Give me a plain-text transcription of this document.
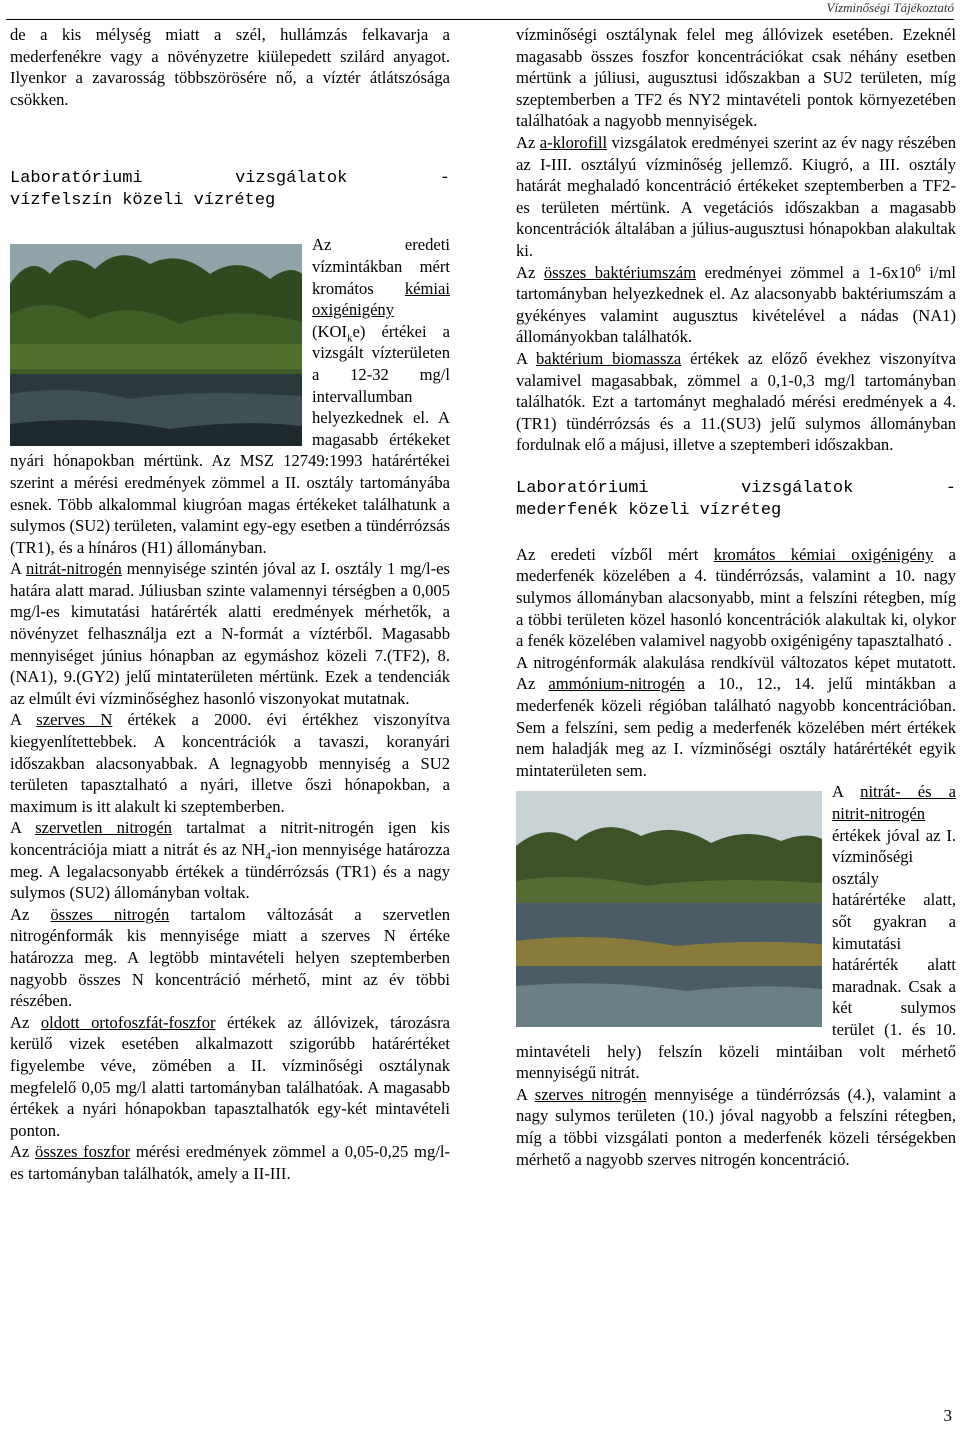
Vízminőségi Tájékoztató

de a kis mélység miatt a szél, hullámzás felkavarja a mederfenékre vagy a növényzetre kiülepedett szilárd anyagot. Ilyenkor a zavarosság többszörösére nő, a víztér átlátszósága csökken.

Laboratóriumi vizsgálatok -

vízfelszín közeli vízréteg

Az eredeti vízmintákban mért kromátos kémiai oxigénigény $(KOI_ke)$ értékei a vizsgált vízterületen a 12-32 mg/l intervallumban helyezkednek el. A magasabb értékeket nyári hónapokban mértünk. Az MSZ 12749:1993 határértékei szerint a mérési eredmények zömmel a II. osztály tartományába esnek. Több alkalommal kiugróan magas értékeket találhatunk a sulymos (SU2) területen, valamint egy-egy esetben a tündérrózsás (TR1), és a hínáros (H1) állományban.

A nitrát-nitrogén mennyisége szintén jóval az I. osztály 1 mg/l-es határa alatt marad. Júliusban szinte valamennyi térségben a 0,005 mg/l-es kimutatási határérték alatti eredmények mérhetők, a növényzet felhasználja ezt a N-formát a víztérből. Magasabb mennyiséget június hónapban az egymáshoz közeli 7.(TF2), 8.(NA1), 9.(GY2) jelű mintaterületen mértünk. Ezek a tendenciák az elmúlt évi vízminőséghez hasonló viszonyokat mutatnak.

A szerves N értékek a 2000. évi értékhez viszonyítva kiegyenlítettebbek. A koncentrációk a tavaszi, koranyári időszakban alacsonyabbak. A legnagyobb mennyiség a SU2 területen tapasztalható a nyári, illetve őszi hónapokban, a maximum is itt alakult ki szeptemberben.

A szervetlen nitrogén tartalmat a nitrit-nitrogén igen kis koncentrációja miatt a nitrát és az $NH_4$-ion mennyisége határozza meg. A legalacsonyabb értékek a tündérrózsás (TR1) és a nagy sulymos (SU2) állományban voltak.

Az összes nitrogén tartalom változását a szervetlen nitrogénformák kis mennyisége miatt a szerves N értéke határozza meg. A legtöbb mintavételi helyen szeptemberben nagyobb összes N koncentráció mérhető, mint az év többi részében.

Az oldott ortofoszfát-foszfor értékek az állóvizek, tározásra kerülő vizek esetében alkalmazott szigorúbb határértéket figyelembe véve, zömében a II. vízminőségi osztálynak megfelelő 0,05 mg/l alatti tartományban találhatóak. A magasabb értékek a nyári hónapokban tapasztalhatók egy-két mintavételi ponton.

Az összes foszfor mérési eredmények zömmel a 0,05-0,25 mg/l-es tartományban találhatók, amely a II-III.

vízminőségi osztálynak felel meg állóvizek esetében. Ezeknél magasabb összes foszfor koncentrációkat csak néhány esetben mértünk a júliusi, augusztusi időszakban a SU2 területen, míg szeptemberben a TF2 és NY2 mintavételi pontok környezetében találhatóak a nagyobb mennyiségek.

Az a-klorofill vizsgálatok eredményei szerint az év nagy részében az I-III. osztályú vízminőség jellemző. Kiugró, a III. osztály határát meghaladó koncentráció értékeket szeptemberben a TF2-es területen mértünk. A vegetációs időszakban a magasabb koncentrációk általában a július-augusztusi hónapokban alakultak ki.

Az összes baktériumszám eredményei zömmel a $1-6x10^6$ i/ml tartományban helyezkednek el. Az alacsonyabb baktériumszám a gyékényes valamint augusztus kivételével a nádas (NA1) állományokban találhatók.

A baktérium biomassza értékek az előző évekhez viszonyítva valamivel magasabbak, zömmel a 0,1-0,3 mg/l tartományban találhatók. Ezt a tartományt meghaladó mérési eredmények a 4.(TR1) tündérrózsás és a 11.(SU3) jelű sulymos állományban fordulnak elő a májusi, illetve a szeptemberi időszakban.

Laboratóriumi vizsgálatok -

mederfenék közeli vízréteg

Az eredeti vízből mért kromátos kémiai oxigénigény a mederfenék közelében a 4. tündérrózsás, valamint a 10. nagy sulymos állományban alacsonyabb, mint a felszíni rétegben, míg a többi területen közel hasonló koncentrációk alakultak ki, olykor a fenék közelében valamivel nagyobb oxigénigény tapasztalható .

A nitrogénformák alakulása rendkívül változatos képet mutatott. Az ammónium-nitrogén a 10., 12., 14. jelű mintákban a mederfenék közeli régióban található nagyobb koncentrációban. Sem a felszíni, sem pedig a mederfenék közelében mért értékek nem haladják meg az I. vízminőségi osztály határértékét egyik mintaterületen sem.

A nitrát- és a nitrit-nitrogén értékek jóval az I. vízminőségi osztály határértéke alatt, sőt gyakran a kimutatási határérték alatt maradnak. Csak a két sulymos terület (1. és 10. mintavételi hely) felszín közeli mintáiban volt mérhető mennyiségű nitrát.

A szerves nitrogén mennyisége a tündérrózsás (4.), valamint a nagy sulymos területen (10.) jóval nagyobb a felszíni rétegben, míg a többi vizsgálati ponton a mederfenék közeli térségekben mérhető a nagyobb szerves nitrogén koncentráció.

3
